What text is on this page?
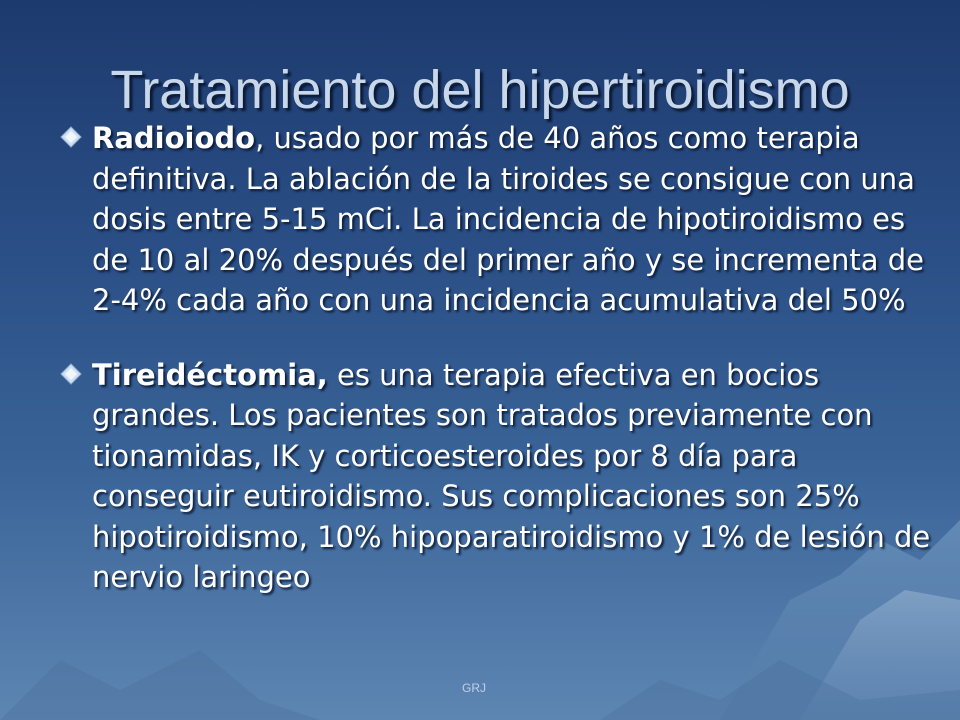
Tratamiento del hipertiroidismo
Radioiodo, usado por más de 40 años como terapia definitiva. La ablación de la tiroides se consigue con una dosis entre 5-15 mCi. La incidencia de hipotiroidismo es de 10 al 20% después del primer año y se incrementa de 2-4% cada año con una incidencia acumulativa del 50%
Tireidéctomia, es una terapia efectiva en bocios grandes. Los pacientes son tratados previamente con tionamidas, IK y corticoesteroides por 8 día para conseguir eutiroidismo. Sus complicaciones son 25% hipotiroidismo, 10% hipoparatiroidismo y 1% de lesión de nervio laringeo
GRJ
